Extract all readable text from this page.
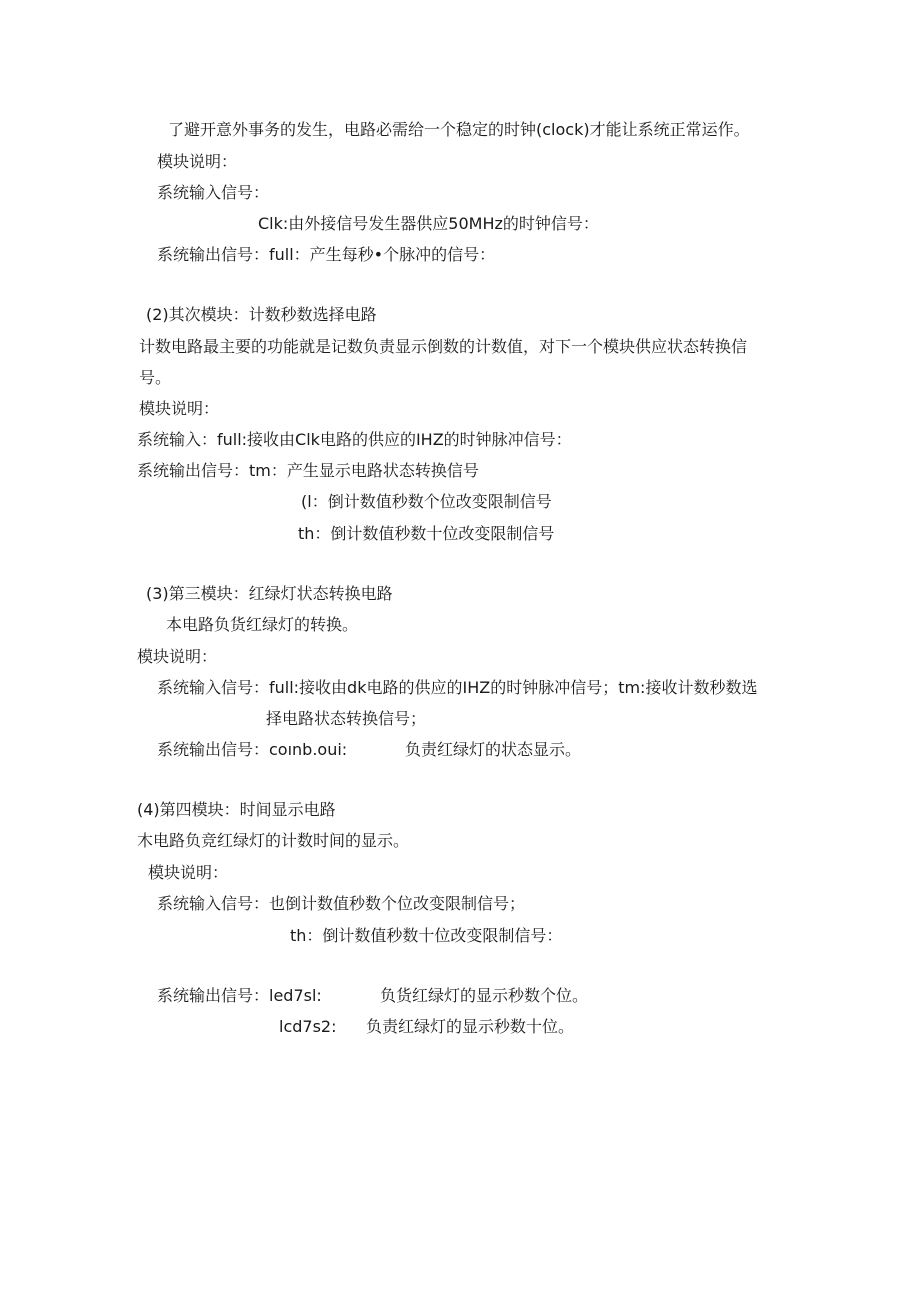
了避开意外事务的发生，电路必需给一个稳定的时钟(clock)才能让系统正常运作。
模块说明：
系统输入信号：
Clk:由外接信号发生器供应50MHz的时钟信号：
系统输出信号：full：产生每秒•个脉冲的信号：
(2)其次模块：计数秒数选择电路
计数电路最主要的功能就是记数负责显示倒数的计数值，对下一个模块供应状态转换信
号。
模块说明：
系统输入：full:接收由Clk电路的供应的IHZ的时钟脉冲信号：
系统输出信号：tm：产生显示电路状态转换信号
(l：倒计数值秒数个位改变限制信号
th：倒计数值秒数十位改变限制信号
(3)第三模块：红绿灯状态转换电路
本电路负货红绿灯的转换。
模块说明：
系统输入信号：full:接收由dk电路的供应的IHZ的时钟脉冲信号；tm:接收计数秒数选
择电路状态转换信号；
系统输出信号：coınb.oui:	负责红绿灯的状态显示。
(4)第四模块：时间显示电路
木电路负竞红绿灯的计数时间的显示。
模块说明：
系统输入信号：也倒计数值秒数个位改变限制信号；
th：倒计数值秒数十位改变限制信号：
系统输出信号：led7sl:	负货红绿灯的显示秒数个位。
lcd7s2: 负责红绿灯的显示秒数十位。
